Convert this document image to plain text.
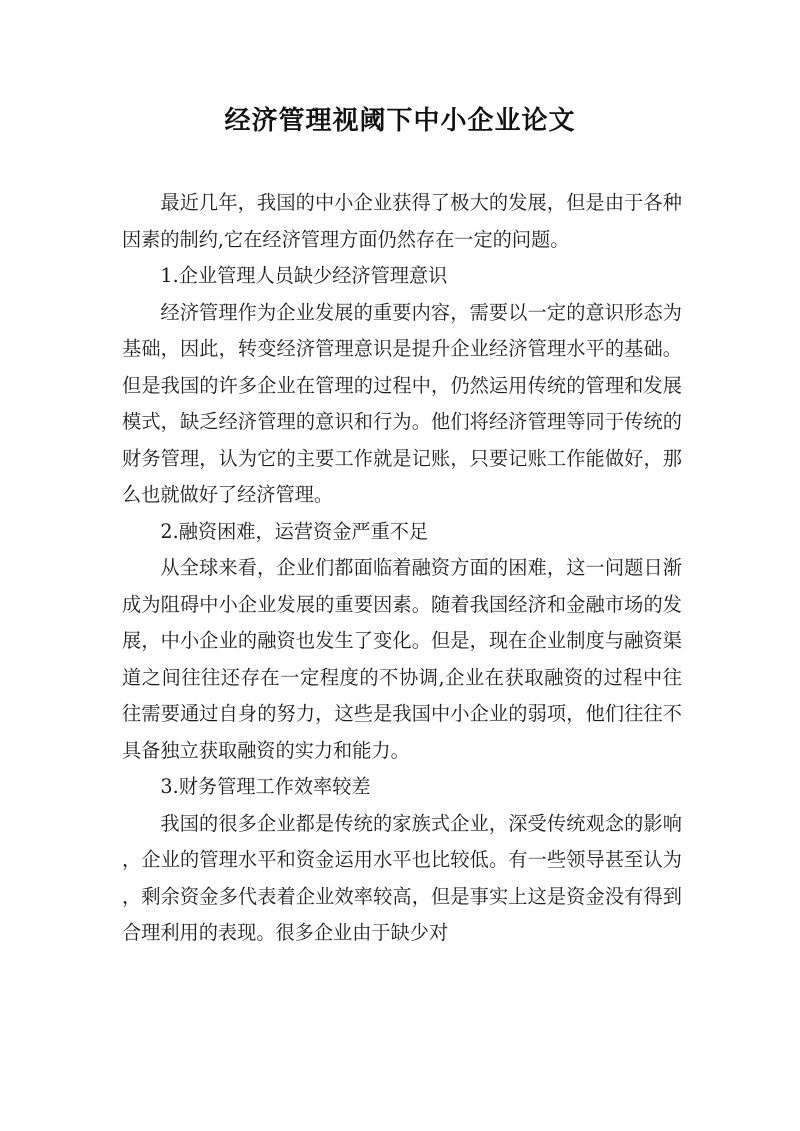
经济管理视阈下中小企业论文

最近几年，我国的中小企业获得了极大的发展，但是由于各种因素的制约,它在经济管理方面仍然存在一定的问题。

1.企业管理人员缺少经济管理意识

经济管理作为企业发展的重要内容，需要以一定的意识形态为基础，因此，转变经济管理意识是提升企业经济管理水平的基础。但是我国的许多企业在管理的过程中，仍然运用传统的管理和发展模式，缺乏经济管理的意识和行为。他们将经济管理等同于传统的财务管理，认为它的主要工作就是记账，只要记账工作能做好，那么也就做好了经济管理。

2.融资困难，运营资金严重不足

从全球来看，企业们都面临着融资方面的困难，这一问题日渐成为阻碍中小企业发展的重要因素。随着我国经济和金融市场的发展，中小企业的融资也发生了变化。但是，现在企业制度与融资渠道之间往往还存在一定程度的不协调,企业在获取融资的过程中往往需要通过自身的努力，这些是我国中小企业的弱项，他们往往不具备独立获取融资的实力和能力。

3.财务管理工作效率较差

我国的很多企业都是传统的家族式企业，深受传统观念的影响，企业的管理水平和资金运用水平也比较低。有一些领导甚至认为，剩余资金多代表着企业效率较高，但是事实上这是资金没有得到合理利用的表现。很多企业由于缺少对
